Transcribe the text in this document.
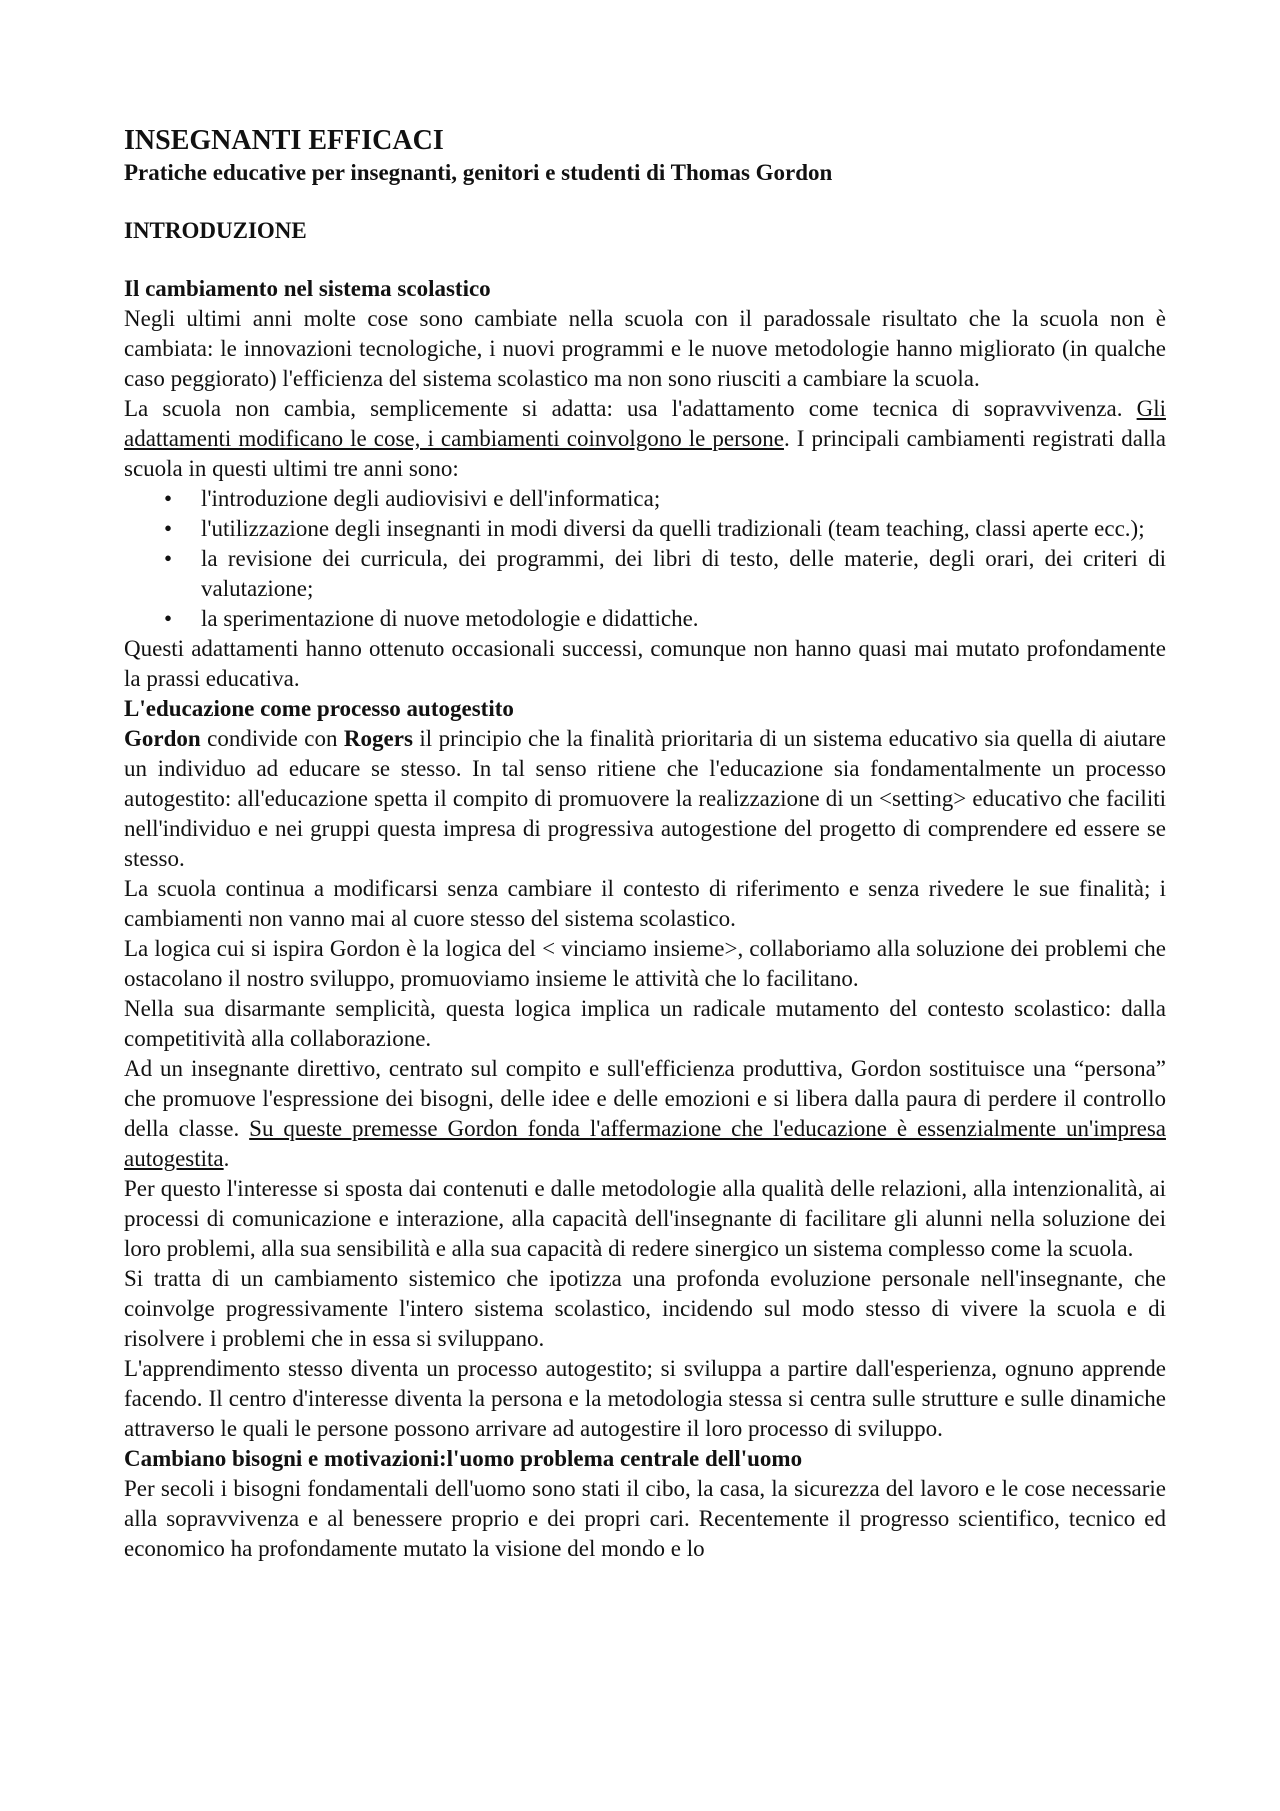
INSEGNANTI EFFICACI
Pratiche educative per insegnanti, genitori e studenti di Thomas Gordon
INTRODUZIONE
Il cambiamento nel sistema scolastico

Negli ultimi anni molte cose sono cambiate nella scuola con il paradossale risultato che la scuola non è cambiata: le innovazioni tecnologiche, i nuovi programmi e le nuove metodologie hanno migliorato (in qualche caso peggiorato) l'efficienza del sistema scolastico ma non sono riusciti a cambiare la scuola.

La scuola non cambia, semplicemente si adatta: usa l'adattamento come tecnica di sopravvivenza. Gli adattamenti modificano le cose, i cambiamenti coinvolgono le persone. I principali cambiamenti registrati dalla scuola in questi ultimi tre anni sono:

• l'introduzione degli audiovisivi e dell'informatica;
• l'utilizzazione degli insegnanti in modi diversi da quelli tradizionali (team teaching, classi aperte ecc.);
• la revisione dei curricula, dei programmi, dei libri di testo, delle materie, degli orari, dei criteri di valutazione;
• la sperimentazione di nuove metodologie e didattiche.

Questi adattamenti hanno ottenuto occasionali successi, comunque non hanno quasi mai mutato profondamente la prassi educativa.

L'educazione come processo autogestito

Gordon condivide con Rogers il principio che la finalità prioritaria di un sistema educativo sia quella di aiutare un individuo ad educare se stesso. In tal senso ritiene che l'educazione sia fondamentalmente un processo autogestito: all'educazione spetta il compito di promuovere la realizzazione di un <setting> educativo che faciliti nell'individuo e nei gruppi questa impresa di progressiva autogestione del progetto di comprendere ed essere se stesso.

La scuola continua a modificarsi senza cambiare il contesto di riferimento e senza rivedere le sue finalità; i cambiamenti non vanno mai al cuore stesso del sistema scolastico.

La logica cui si ispira Gordon è la logica del < vinciamo insieme>, collaboriamo alla soluzione dei problemi che ostacolano il nostro sviluppo, promuoviamo insieme le attività che lo facilitano.

Nella sua disarmante semplicità, questa logica implica un radicale mutamento del contesto scolastico: dalla competitività alla collaborazione.

Ad un insegnante direttivo, centrato sul compito e sull'efficienza produttiva, Gordon sostituisce una “persona” che promuove l'espressione dei bisogni, delle idee e delle emozioni e si libera dalla paura di perdere il controllo della classe. Su queste premesse Gordon fonda l'affermazione che l'educazione è essenzialmente un'impresa autogestita.

Per questo l'interesse si sposta dai contenuti e dalle metodologie alla qualità delle relazioni, alla intenzionalità, ai processi di comunicazione e interazione, alla capacità dell'insegnante di facilitare gli alunni nella soluzione dei loro problemi, alla sua sensibilità e alla sua capacità di redere sinergico un sistema complesso come la scuola.

Si tratta di un cambiamento sistemico che ipotizza una profonda evoluzione personale nell'insegnante, che coinvolge progressivamente l'intero sistema scolastico, incidendo sul modo stesso di vivere la scuola e di risolvere i problemi che in essa si sviluppano.

L'apprendimento stesso diventa un processo autogestito; si sviluppa a partire dall'esperienza, ognuno apprende facendo. Il centro d'interesse diventa la persona e la metodologia stessa si centra sulle strutture e sulle dinamiche attraverso le quali le persone possono arrivare ad autogestire il loro processo di sviluppo.

Cambiano bisogni e motivazioni:l'uomo problema centrale dell'uomo

Per secoli i bisogni fondamentali dell'uomo sono stati il cibo, la casa, la sicurezza del lavoro e le cose necessarie alla sopravvivenza e al benessere proprio e dei propri cari. Recentemente il progresso scientifico, tecnico ed economico ha profondamente mutato la visione del mondo e lo
